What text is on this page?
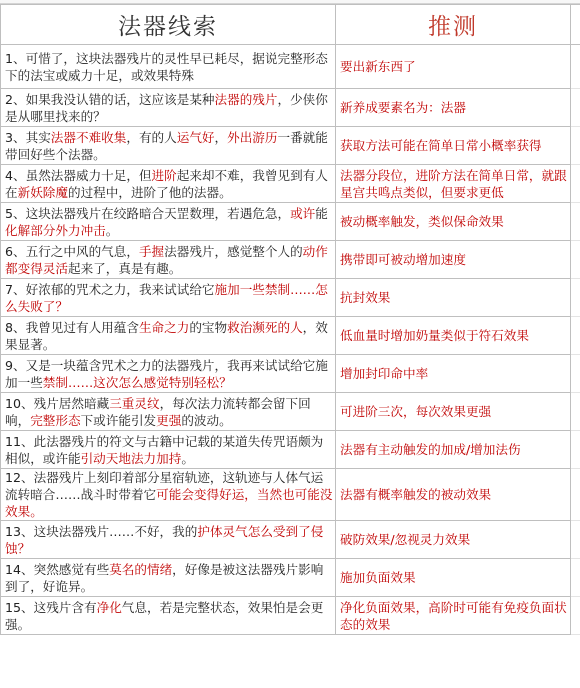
法器线索	推测	
1、可惜了，这块法器残片的灵性早已耗尽，据说完整形态下的法宝或威力十足，或效果特殊	要出新东西了	
2、如果我没认错的话，这应该是某种法器的残片，少侠你是从哪里找来的？	新养成要素名为：法器	
3、其实法器不难收集，有的人运气好，外出游历一番就能带回好些个法器。	获取方法可能在简单日常小概率获得	
4、虽然法器威力十足，但进阶起来却不难，我曾见到有人在新妖除魔的过程中，进阶了他的法器。	法器分段位，进阶方法在简单日常，就跟星宫共鸣点类似，但要求更低	
5、这块法器残片在绞路暗合天罡数理，若遇危急，或许能化解部分外力冲击。	被动概率触发，类似保命效果	
6、五行之中风的气息，手握法器残片，感觉整个人的动作都变得灵活起来了，真是有趣。	携带即可被动增加速度	
7、好浓郁的咒术之力，我来试试给它施加一些禁制……怎么失败了？	抗封效果	
8、我曾见过有人用蕴含生命之力的宝物救治濒死的人，效果显著。	低血量时增加奶量类似于符石效果	
9、又是一块蕴含咒术之力的法器残片，我再来试试给它施加一些禁制……这次怎么感觉特别轻松？	增加封印命中率	
10、残片居然暗藏三重灵纹，每次法力流转都会留下回响，完整形态下或许能引发更强的波动。	可进阶三次，每次效果更强	
11、此法器残片的符文与古籍中记载的某道失传咒语颇为相似，或许能引动天地法力加持。	法器有主动触发的加成/增加法伤	
12、法器残片上刻印着部分星宿轨迹，这轨迹与人体气运流转暗合……战斗时带着它可能会变得好运，当然也可能没效果。	法器有概率触发的被动效果	
13、这块法器残片……不好，我的护体灵气怎么受到了侵蚀？	破防效果/忽视灵力效果	
14、突然感觉有些莫名的情绪，好像是被这法器残片影响到了，好诡异。	施加负面效果	
15、这残片含有净化气息，若是完整状态，效果怕是会更强。	净化负面效果，高阶时可能有免疫负面状态的效果	
